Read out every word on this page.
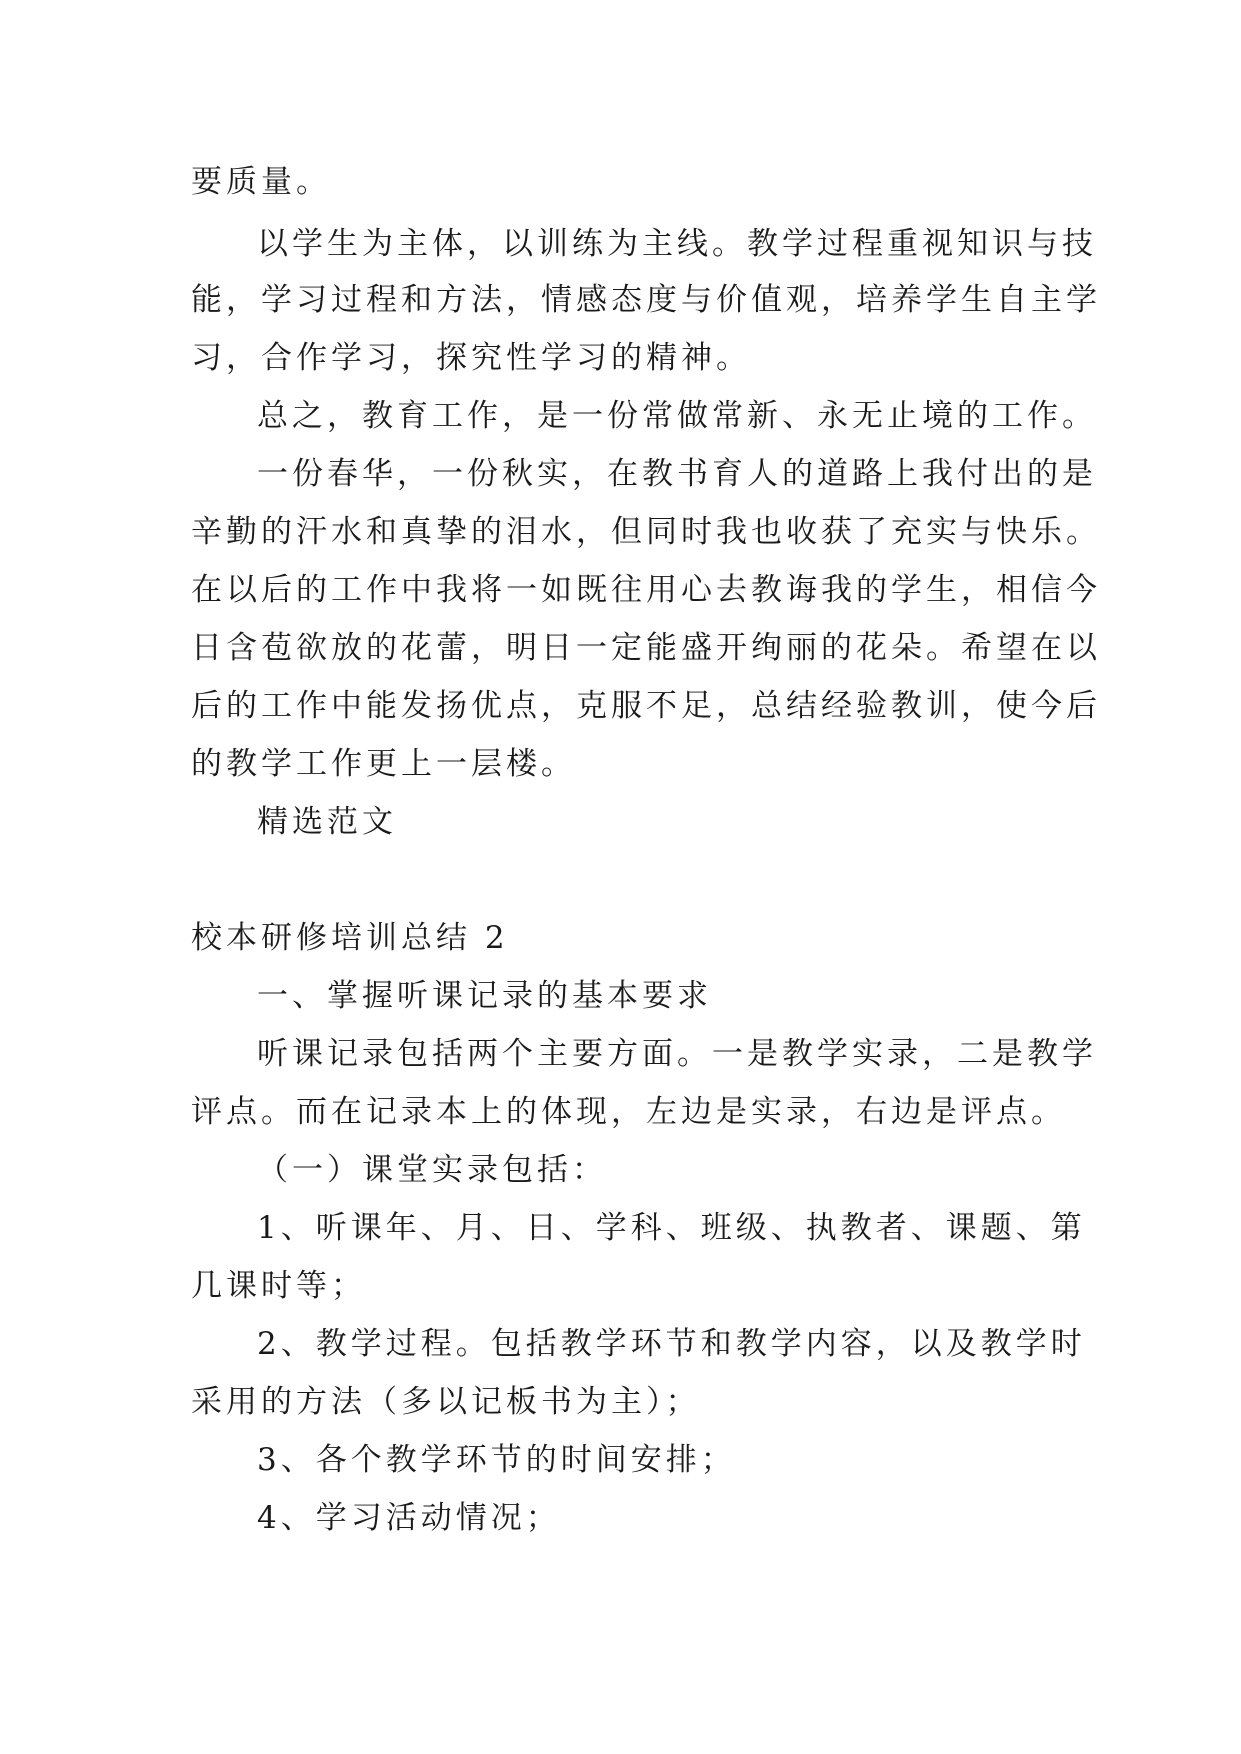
要质量。
以学生为主体，以训练为主线。教学过程重视知识与技
能，学习过程和方法，情感态度与价值观，培养学生自主学
习，合作学习，探究性学习的精神。
总之，教育工作，是一份常做常新、永无止境的工作。
一份春华，一份秋实，在教书育人的道路上我付出的是
辛勤的汗水和真挚的泪水，但同时我也收获了充实与快乐。
在以后的工作中我将一如既往用心去教诲我的学生，相信今
日含苞欲放的花蕾，明日一定能盛开绚丽的花朵。希望在以
后的工作中能发扬优点，克服不足，总结经验教训，使今后
的教学工作更上一层楼。
精选范文
校本研修培训总结 2
一、掌握听课记录的基本要求
听课记录包括两个主要方面。一是教学实录，二是教学
评点。而在记录本上的体现，左边是实录，右边是评点。
（一）课堂实录包括：
1、听课年、月、日、学科、班级、执教者、课题、第
几课时等；
2、教学过程。包括教学环节和教学内容，以及教学时
采用的方法（多以记板书为主）；
3、各个教学环节的时间安排；
4、学习活动情况；
